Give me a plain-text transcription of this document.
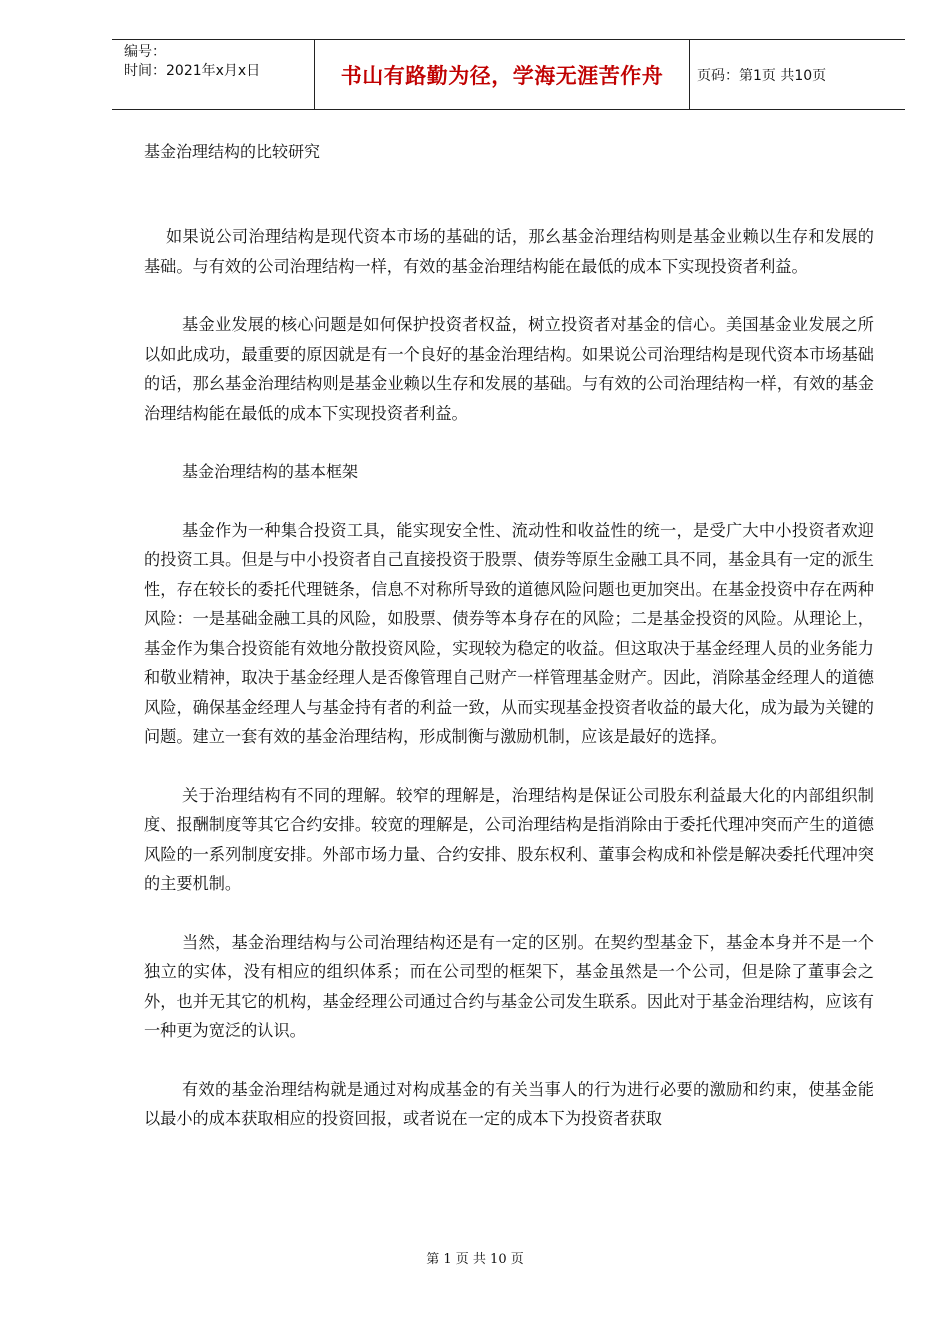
编号：
时间：2021年x月x日	书山有路勤为径，学海无涯苦作舟 页码：第1页 共10页
基金治理结构的比较研究

如果说公司治理结构是现代资本市场的基础的话，那幺基金治理结构则是基金业赖以生存和发展的基础。与有效的公司治理结构一样，有效的基金治理结构能在最低的成本下实现投资者利益。

基金业发展的核心问题是如何保护投资者权益，树立投资者对基金的信心。美国基金业发展之所以如此成功，最重要的原因就是有一个良好的基金治理结构。如果说公司治理结构是现代资本市场基础的话，那幺基金治理结构则是基金业赖以生存和发展的基础。与有效的公司治理结构一样，有效的基金治理结构能在最低的成本下实现投资者利益。

基金治理结构的基本框架

基金作为一种集合投资工具，能实现安全性、流动性和收益性的统一，是受广大中小投资者欢迎的投资工具。但是与中小投资者自己直接投资于股票、债券等原生金融工具不同，基金具有一定的派生性，存在较长的委托代理链条，信息不对称所导致的道德风险问题也更加突出。在基金投资中存在两种风险：一是基础金融工具的风险，如股票、债券等本身存在的风险；二是基金投资的风险。从理论上，基金作为集合投资能有效地分散投资风险，实现较为稳定的收益。但这取决于基金经理人员的业务能力和敬业精神，取决于基金经理人是否像管理自己财产一样管理基金财产。因此，消除基金经理人的道德风险，确保基金经理人与基金持有者的利益一致，从而实现基金投资者收益的最大化，成为最为关键的问题。建立一套有效的基金治理结构，形成制衡与激励机制，应该是最好的选择。

关于治理结构有不同的理解。较窄的理解是，治理结构是保证公司股东利益最大化的内部组织制度、报酬制度等其它合约安排。较宽的理解是，公司治理结构是指消除由于委托代理冲突而产生的道德风险的一系列制度安排。外部市场力量、合约安排、股东权利、董事会构成和补偿是解决委托代理冲突的主要机制。

当然，基金治理结构与公司治理结构还是有一定的区别。在契约型基金下，基金本身并不是一个独立的实体，没有相应的组织体系；而在公司型的框架下，基金虽然是一个公司，但是除了董事会之外，也并无其它的机构，基金经理公司通过合约与基金公司发生联系。因此对于基金治理结构，应该有一种更为宽泛的认识。

有效的基金治理结构就是通过对构成基金的有关当事人的行为进行必要的激励和约束，使基金能以最小的成本获取相应的投资回报，或者说在一定的成本下为投资者获取

第 1 页 共 10 页
